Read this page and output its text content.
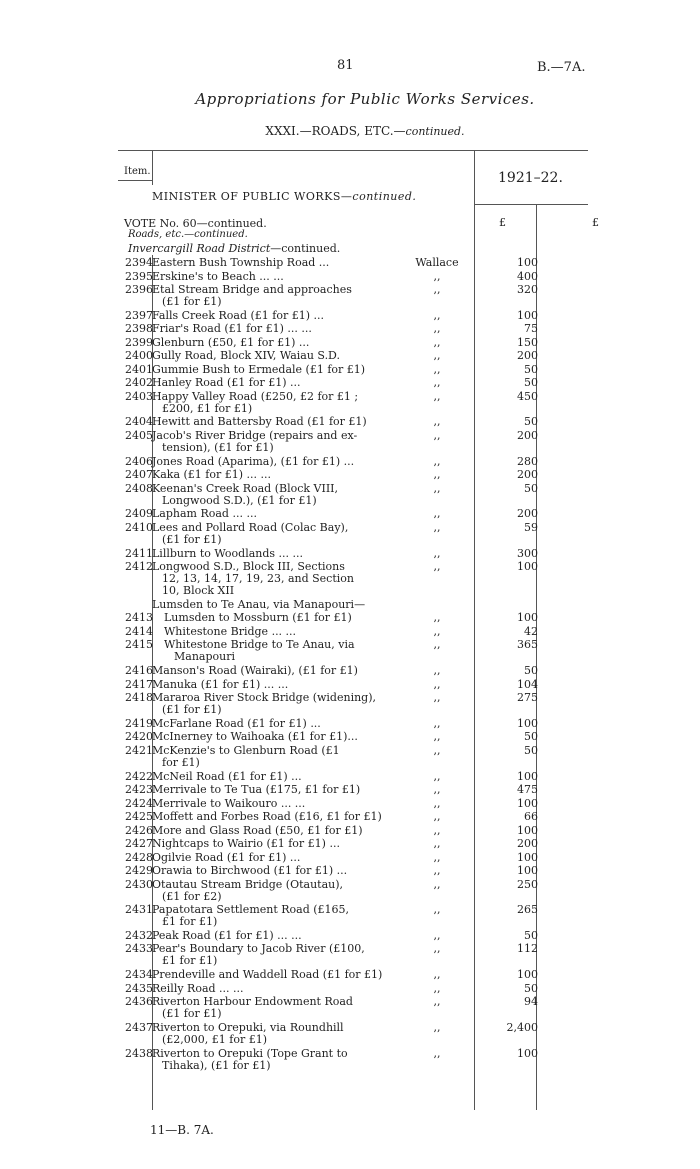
81	B.—7A.
Appropriations for Public Works Services.
XXXI.—ROADS, ETC.—continued.
Item.	1921–22.
MINISTER OF PUBLIC WORKS—continued.
VOTE No. 60—continued.
Roads, etc.—continued.
Invercargill Road District—continued.
£	£
2394 Eastern Bush Township Road ...	Wallace	100
2395 Erskine's to Beach ... ...	,,	400
2396 Etal Stream Bridge and approaches
(£1 for £1)
,,	320
2397 Falls Creek Road (£1 for £1) ...	,,	100
2398 Friar's Road (£1 for £1) ... ...	,,	75
2399 Glenburn (£50, £1 for £1) ...	,,	150
2400 Gully Road, Block XIV, Waiau S.D.	,,	200
2401 Gummie Bush to Ermedale (£1 for £1)	,,	50
2402 Hanley Road (£1 for £1) ...	,,	50
2403 Happy Valley Road (£250, £2 for £1 ;
£200, £1 for £1)
,,	450
2404 Hewitt and Battersby Road (£1 for £1)	,,	50
2405 Jacob's River Bridge (repairs and ex-
tension), (£1 for £1)
,,	200
2406 Jones Road (Aparima), (£1 for £1) ...	,,	280
2407 Kaka (£1 for £1) ... ...	,,	200
2408 Keenan's Creek Road (Block VIII,
Longwood S.D.), (£1 for £1)
,,	50
2409 Lapham Road ... ...	,,	200
2410 Lees and Pollard Road (Colac Bay),
(£1 for £1)
,,	59
2411 Lillburn to Woodlands ... ...	,,	300
2412 Longwood S.D., Block III, Sections
12, 13, 14, 17, 19, 23, and Section
10, Block XII
,,	100
Lumsden to Te Anau, via Manapouri—
2413 Lumsden to Mossburn (£1 for £1)	,,	100
2414 Whitestone Bridge ... ...	,,	42
2415 Whitestone Bridge to Te Anau, via
Manapouri
,,	365
2416 Manson's Road (Wairaki), (£1 for £1)	,,	50
2417 Manuka (£1 for £1) ... ...	,,	104
2418 Mararoa River Stock Bridge (widening),
(£1 for £1)
,,	275
2419 McFarlane Road (£1 for £1) ...	,,	100
2420 McInerney to Waihoaka (£1 for £1)...	,,	50
2421 McKenzie's to Glenburn Road (£1
for £1)
,,	50
2422 McNeil Road (£1 for £1) ...	,,	100
2423 Merrivale to Te Tua (£175, £1 for £1)	,,	475
2424 Merrivale to Waikouro ... ...	,,	100
2425 Moffett and Forbes Road (£16, £1 for £1)	,,	66
2426 More and Glass Road (£50, £1 for £1)	,,	100
2427 Nightcaps to Wairio (£1 for £1) ...	,,	200
2428 Ogilvie Road (£1 for £1) ...	,,	100
2429 Orawia to Birchwood (£1 for £1) ...	,,	100
2430 Otautau Stream Bridge (Otautau),
(£1 for £2)
,,	250
2431 Papatotara Settlement Road (£165,
£1 for £1)
,,	265
2432 Peak Road (£1 for £1) ... ...	,,	50
2433 Pear's Boundary to Jacob River (£100,
£1 for £1)
,,	112
2434 Prendeville and Waddell Road (£1 for £1)	,,	100
2435 Reilly Road ... ...	,,	50
2436 Riverton Harbour Endowment Road
(£1 for £1)
,,	94
2437 Riverton to Orepuki, via Roundhill
(£2,000, £1 for £1)
,,	2,400
2438 Riverton to Orepuki (Tope Grant to
Tihaka), (£1 for £1)
,,	100
11—B. 7A.
